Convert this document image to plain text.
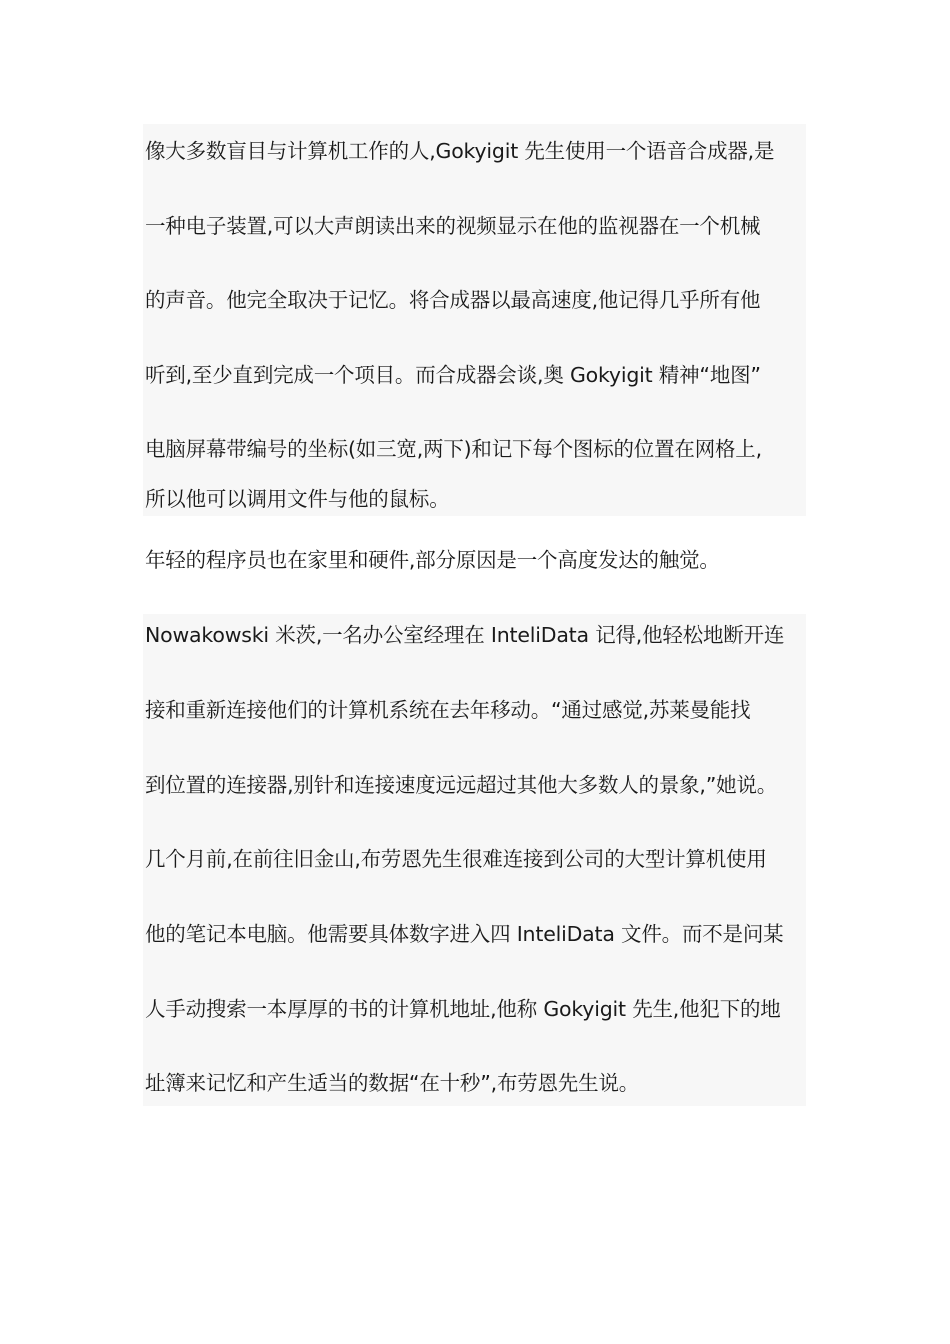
像大多数盲目与计算机工作的人,Gokyigit 先生使用一个语音合成器,是

一种电子装置,可以大声朗读出来的视频显示在他的监视器在一个机械

的声音。他完全取决于记忆。将合成器以最高速度,他记得几乎所有他

听到,至少直到完成一个项目。而合成器会谈,奥 Gokyigit 精神“地图”

电脑屏幕带编号的坐标(如三宽,两下)和记下每个图标的位置在网格上,

所以他可以调用文件与他的鼠标。

年轻的程序员也在家里和硬件,部分原因是一个高度发达的触觉。

Nowakowski 米茨,一名办公室经理在 InteliData 记得,他轻松地断开连

接和重新连接他们的计算机系统在去年移动。“通过感觉,苏莱曼能找

到位置的连接器,别针和连接速度远远超过其他大多数人的景象,”她说。

几个月前,在前往旧金山,布劳恩先生很难连接到公司的大型计算机使用

他的笔记本电脑。他需要具体数字进入四 InteliData 文件。而不是问某

人手动搜索一本厚厚的书的计算机地址,他称 Gokyigit 先生,他犯下的地

址簿来记忆和产生适当的数据“在十秒”,布劳恩先生说。
